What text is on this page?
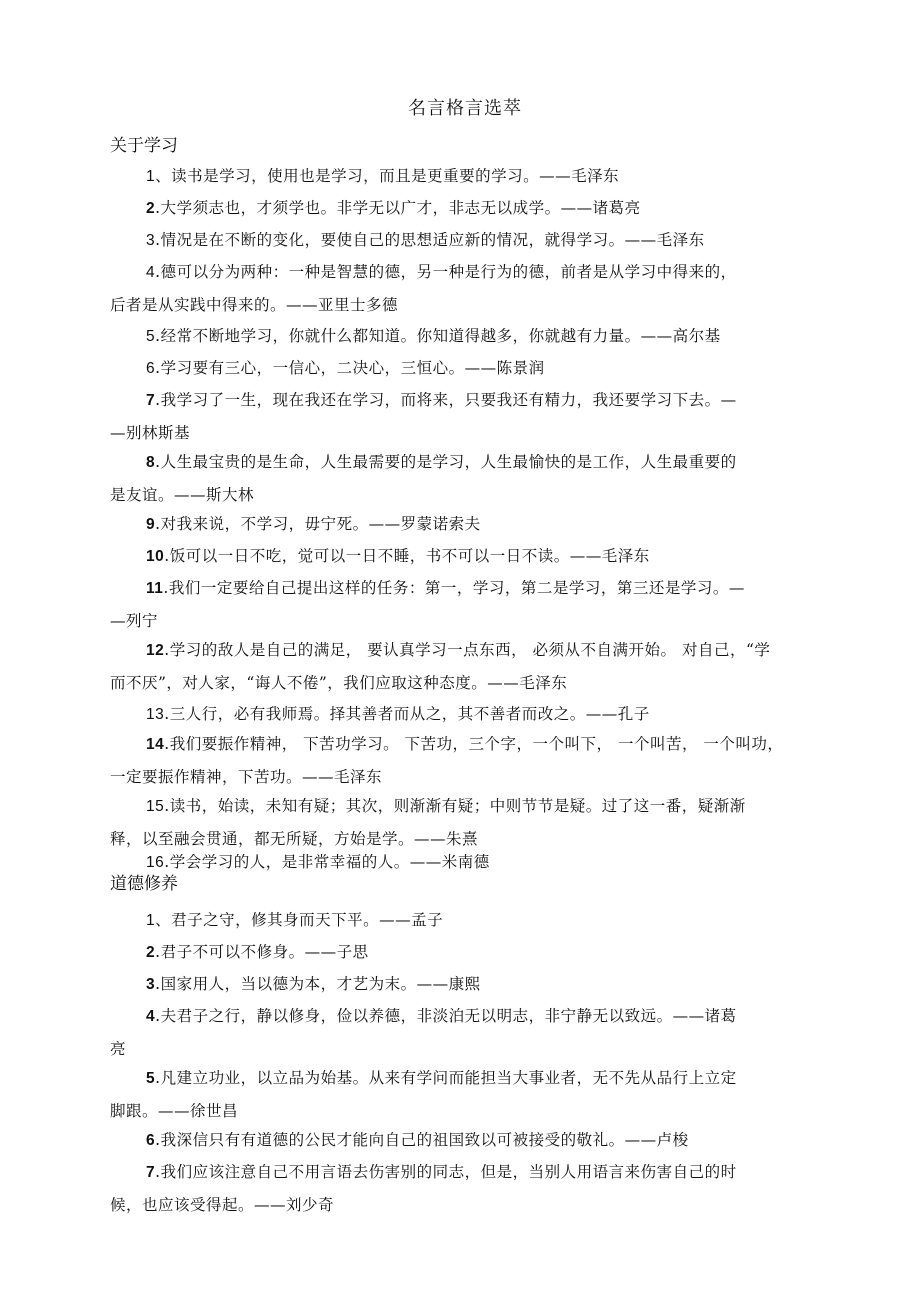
名言格言选萃
关于学习
1、读书是学习，使用也是学习，而且是更重要的学习。——毛泽东
2.大学须志也，才须学也。非学无以广才，非志无以成学。——诸葛亮
3.情况是在不断的变化，要使自己的思想适应新的情况，就得学习。——毛泽东
4.德可以分为两种：一种是智慧的德，另一种是行为的德，前者是从学习中得来的，
后者是从实践中得来的。——亚里士多德
5.经常不断地学习，你就什么都知道。你知道得越多，你就越有力量。——高尔基
6.学习要有三心，一信心，二决心，三恒心。——陈景润
7.我学习了一生，现在我还在学习，而将来，只要我还有精力，我还要学习下去。—
—别林斯基
8.人生最宝贵的是生命，人生最需要的是学习，人生最愉快的是工作，人生最重要的
是友谊。——斯大林
9.对我来说，不学习，毋宁死。——罗蒙诺索夫
10.饭可以一日不吃，觉可以一日不睡，书不可以一日不读。——毛泽东
11.我们一定要给自己提出这样的任务：第一，学习，第二是学习，第三还是学习。—
—列宁
12.学习的敌人是自己的满足， 要认真学习一点东西， 必须从不自满开始。 对自己，“学
而不厌”，对人家，“诲人不倦”，我们应取这种态度。——毛泽东
13.三人行，必有我师焉。择其善者而从之，其不善者而改之。——孔子
14.我们要振作精神， 下苦功学习。 下苦功，三个字，一个叫下， 一个叫苦， 一个叫功，
一定要振作精神，下苦功。——毛泽东
15.读书，始读，未知有疑；其次，则渐渐有疑；中则节节是疑。过了这一番，疑渐渐
释，以至融会贯通，都无所疑，方始是学。——朱熹
16.学会学习的人，是非常幸福的人。——米南德
道德修养
1、君子之守，修其身而天下平。——孟子
2.君子不可以不修身。——子思
3.国家用人，当以德为本，才艺为末。——康熙
4.夫君子之行，静以修身，俭以养德，非淡泊无以明志，非宁静无以致远。——诸葛
亮
5.凡建立功业，以立品为始基。从来有学问而能担当大事业者，无不先从品行上立定
脚跟。——徐世昌
6.我深信只有有道德的公民才能向自己的祖国致以可被接受的敬礼。——卢梭
7.我们应该注意自己不用言语去伤害别的同志，但是，当别人用语言来伤害自己的时
候，也应该受得起。——刘少奇
